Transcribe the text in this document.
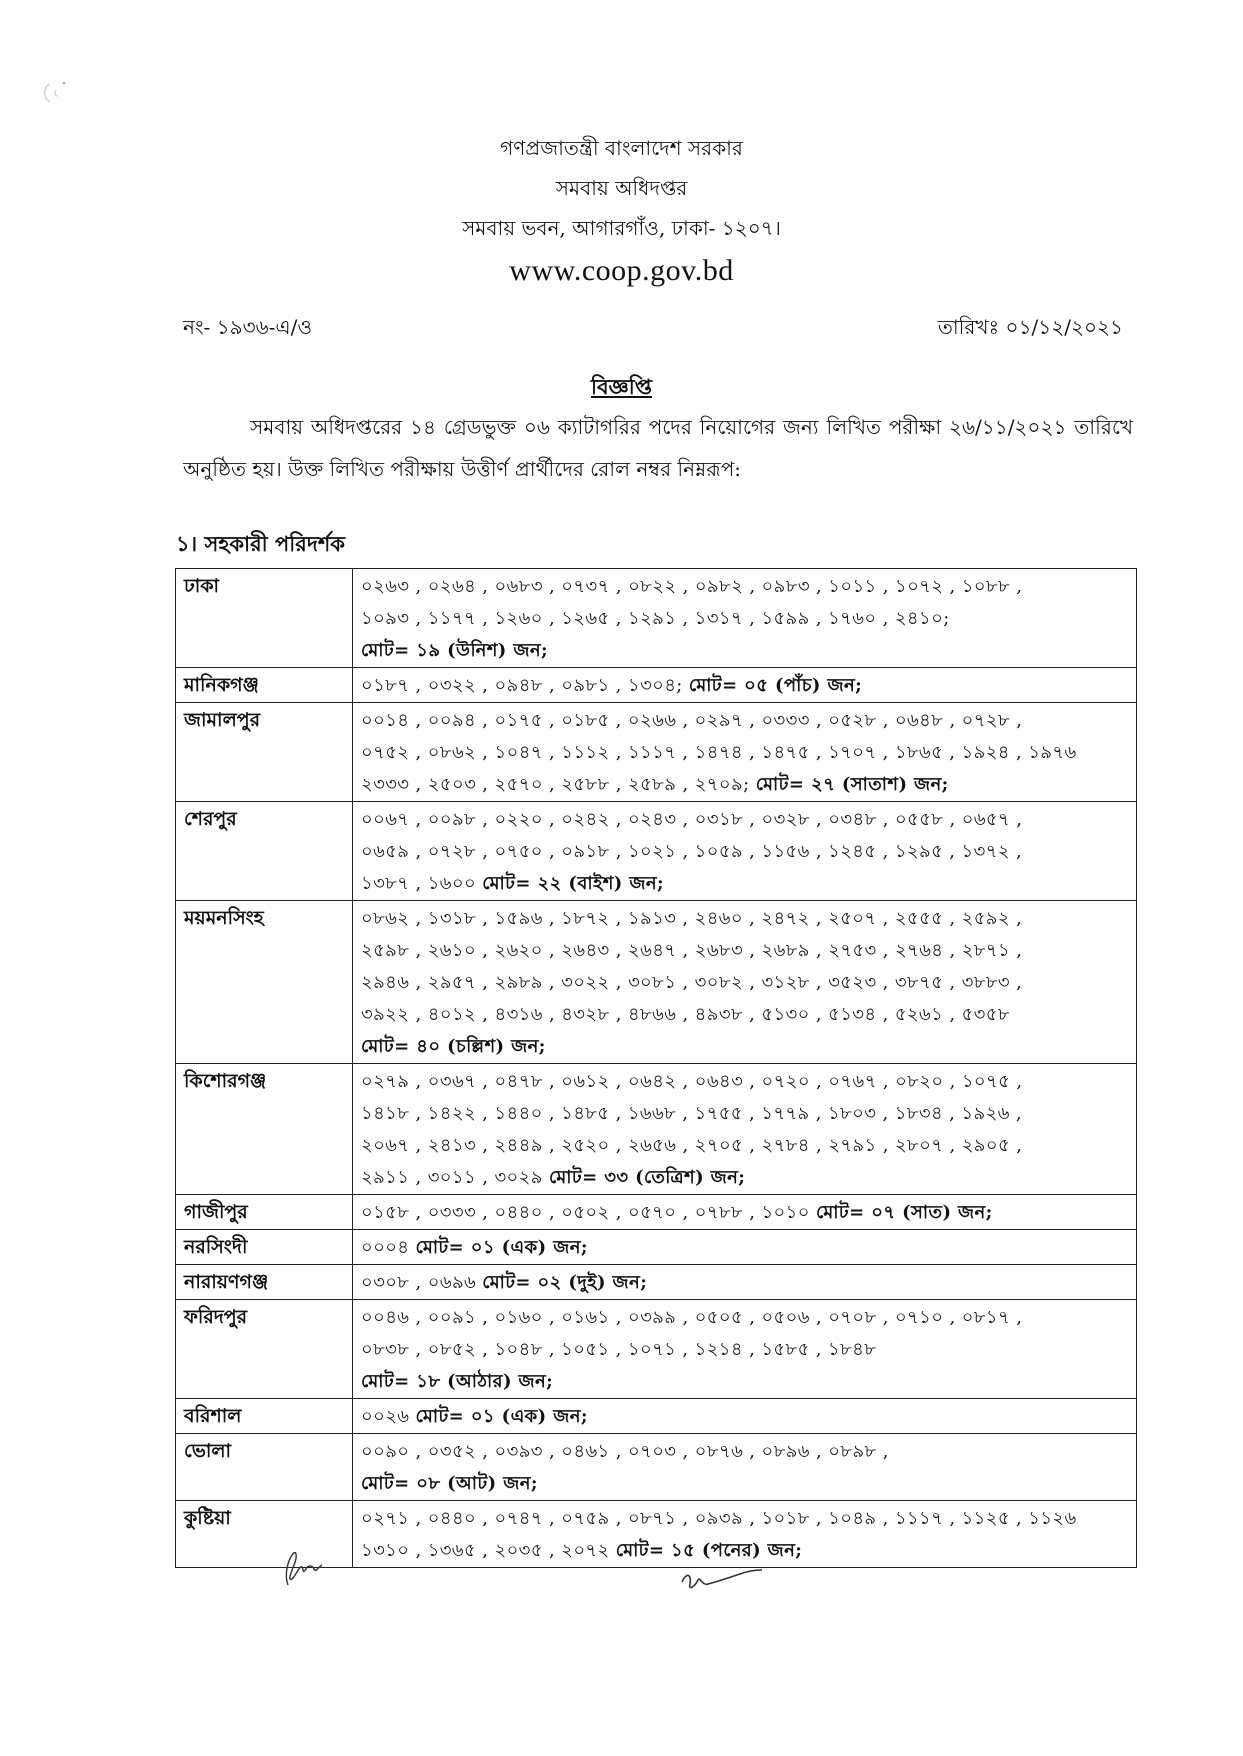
গণপ্রজাতন্ত্রী বাংলাদেশ সরকার
সমবায় অধিদপ্তর
সমবায় ভবন, আগারগাঁও, ঢাকা- ১২০৭।
www.coop.gov.bd
নং- ১৯৩৬-এ/ও	তারিখঃ ০১/১২/২০২১
বিজ্ঞপ্তি
সমবায় অধিদপ্তরের ১৪ গ্রেডভুক্ত ০৬ ক্যাটাগরির পদের নিয়োগের জন্য লিখিত পরীক্ষা ২৬/১১/২০২১ তারিখে অনুষ্ঠিত হয়। উক্ত লিখিত পরীক্ষায় উত্তীর্ণ প্রার্থীদের রোল নম্বর নিম্নরূপ:
১। সহকারী পরিদর্শক
ঢাকা	০২৬৩ , ০২৬৪ , ০৬৮৩ , ০৭৩৭ , ০৮২২ , ০৯৮২ , ০৯৮৩ , ১০১১ , ১০৭২ , ১০৮৮ ,
১০৯৩ , ১১৭৭ , ১২৬০ , ১২৬৫ , ১২৯১ , ১৩১৭ , ১৫৯৯ , ১৭৬০ , ২৪১০;
মোট= ১৯ (উনিশ) জন;

মানিকগঞ্জ	০১৮৭ , ০৩২২ , ০৯৪৮ , ০৯৮১ , ১৩০৪; মোট= ০৫ (পাঁচ) জন;

জামালপুর	০০১৪ , ০০৯৪ , ০১৭৫ , ০১৮৫ , ০২৬৬ , ০২৯৭ , ০৩৩৩ , ০৫২৮ , ০৬৪৮ , ০৭২৮ ,
০৭৫২ , ০৮৬২ , ১০৪৭ , ১১১২ , ১১১৭ , ১৪৭৪ , ১৪৭৫ , ১৭০৭ , ১৮৬৫ , ১৯২৪ , ১৯৭৬
২৩৩৩ , ২৫০৩ , ২৫৭০ , ২৫৮৮ , ২৫৮৯ , ২৭০৯; মোট= ২৭ (সাতাশ) জন;

শেরপুর	০০৬৭ , ০০৯৮ , ০২২০ , ০২৪২ , ০২৪৩ , ০৩১৮ , ০৩২৮ , ০৩৪৮ , ০৫৫৮ , ০৬৫৭ ,
০৬৫৯ , ০৭২৮ , ০৭৫০ , ০৯১৮ , ১০২১ , ১০৫৯ , ১১৫৬ , ১২৪৫ , ১২৯৫ , ১৩৭২ ,
১৩৮৭ , ১৬০০ মোট= ২২ (বাইশ) জন;

ময়মনসিংহ	০৮৬২ , ১৩১৮ , ১৫৯৬ , ১৮৭২ , ১৯১৩ , ২৪৬০ , ২৪৭২ , ২৫০৭ , ২৫৫৫ , ২৫৯২ ,
২৫৯৮ , ২৬১০ , ২৬২০ , ২৬৪৩ , ২৬৪৭ , ২৬৮৩ , ২৬৮৯ , ২৭৫৩ , ২৭৬৪ , ২৮৭১ ,
২৯৪৬ , ২৯৫৭ , ২৯৮৯ , ৩০২২ , ৩০৮১ , ৩০৮২ , ৩১২৮ , ৩৫২৩ , ৩৮৭৫ , ৩৮৮৩ ,
৩৯২২ , ৪০১২ , ৪৩১৬ , ৪৩২৮ , ৪৮৬৬ , ৪৯৩৮ , ৫১৩০ , ৫১৩৪ , ৫২৬১ , ৫৩৫৮
মোট= ৪০ (চল্লিশ) জন;

কিশোরগঞ্জ	০২৭৯ , ০৩৬৭ , ০৪৭৮ , ০৬১২ , ০৬৪২ , ০৬৪৩ , ০৭২০ , ০৭৬৭ , ০৮২০ , ১০৭৫ ,
১৪১৮ , ১৪২২ , ১৪৪০ , ১৪৮৫ , ১৬৬৮ , ১৭৫৫ , ১৭৭৯ , ১৮০৩ , ১৮৩৪ , ১৯২৬ ,
২০৬৭ , ২৪১৩ , ২৪৪৯ , ২৫২০ , ২৬৫৬ , ২৭০৫ , ২৭৮৪ , ২৭৯১ , ২৮০৭ , ২৯০৫ ,
২৯১১ , ৩০১১ , ৩০২৯ মোট= ৩৩ (তেত্রিশ) জন;

গাজীপুর	০১৫৮ , ০৩৩৩ , ০৪৪০ , ০৫০২ , ০৫৭০ , ০৭৮৮ , ১০১০ মোট= ০৭ (সাত) জন;

নরসিংদী	০০০৪ মোট= ০১ (এক) জন;

নারায়ণগঞ্জ	০৩০৮ , ০৬৯৬ মোট= ০২ (দুই) জন;

ফরিদপুর	০০৪৬ , ০০৯১ , ০১৬০ , ০১৬১ , ০৩৯৯ , ০৫০৫ , ০৫০৬ , ০৭০৮ , ০৭১০ , ০৮১৭ ,
০৮৩৮ , ০৮৫২ , ১০৪৮ , ১০৫১ , ১০৭১ , ১২১৪ , ১৫৮৫ , ১৮৪৮
মোট= ১৮ (আঠার) জন;

বরিশাল	০০২৬ মোট= ০১ (এক) জন;

ভোলা	০০৯০ , ০৩৫২ , ০৩৯৩ , ০৪৬১ , ০৭০৩ , ০৮৭৬ , ০৮৯৬ , ০৮৯৮ ,
মোট= ০৮ (আট) জন;

কুষ্টিয়া	০২৭১ , ০৪৪০ , ০৭৪৭ , ০৭৫৯ , ০৮৭১ , ০৯৩৯ , ১০১৮ , ১০৪৯ , ১১১৭ , ১১২৫ , ১১২৬
১৩১০ , ১৩৬৫ , ২০৩৫ , ২০৭২ মোট= ১৫ (পনের) জন;
